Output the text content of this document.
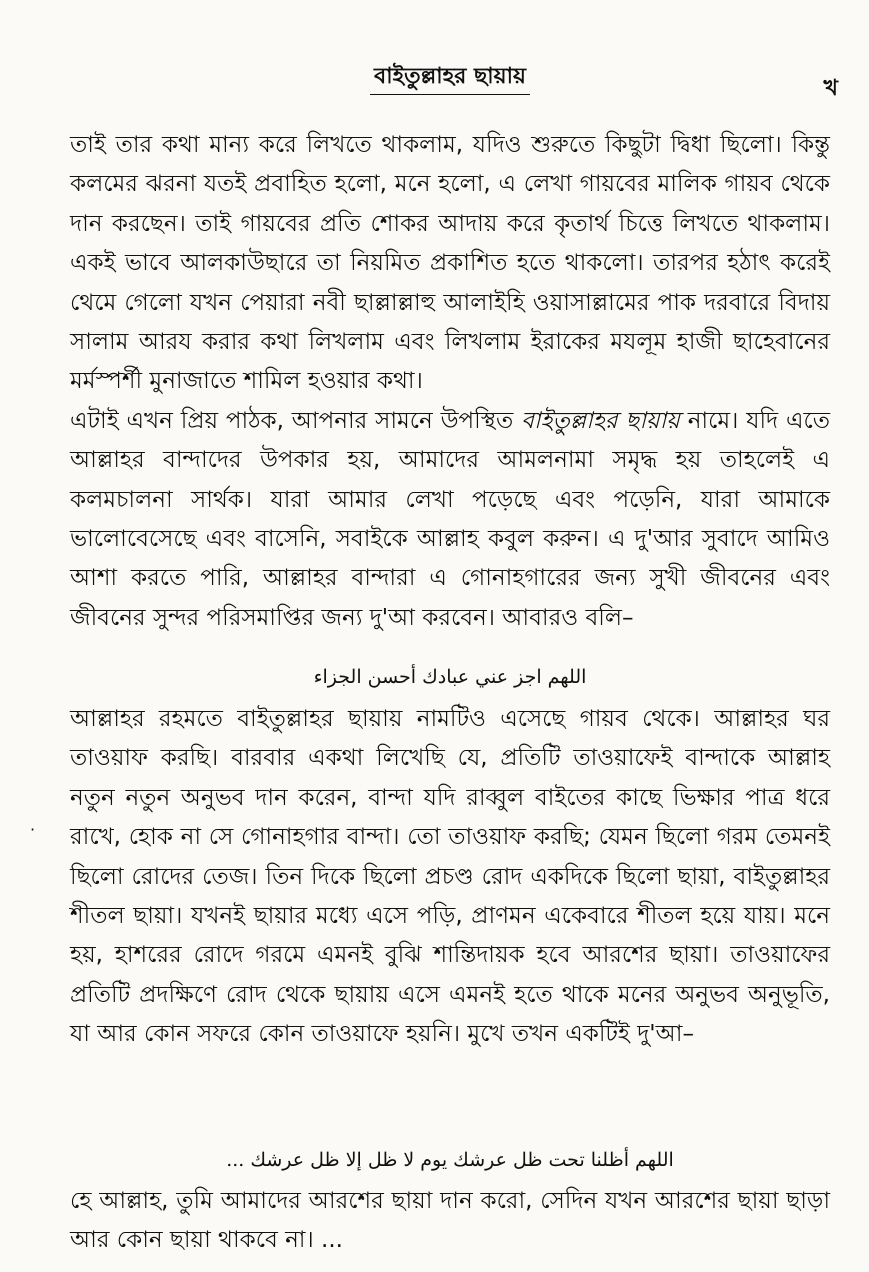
বাইতুল্লাহর ছায়ায়	খ

তাই তার কথা মান্য করে লিখতে থাকলাম, যদিও শুরুতে কিছুটা দ্বিধা ছিলো। কিন্তু কলমের ঝরনা যতই প্রবাহিত হলো, মনে হলো, এ লেখা গায়বের মালিক গায়ব থেকে দান করছেন। তাই গায়বের প্রতি শোকর আদায় করে কৃতার্থ চিত্তে লিখতে থাকলাম। একই ভাবে আলকাউছারে তা নিয়মিত প্রকাশিত হতে থাকলো। তারপর হঠাৎ করেই থেমে গেলো যখন পেয়ারা নবী ছাল্লাল্লাহু আলাইহি ওয়াসাল্লামের পাক দরবারে বিদায় সালাম আরয করার কথা লিখলাম এবং লিখলাম ইরাকের মযলূম হাজী ছাহেবানের মর্মস্পর্শী মুনাজাতে শামিল হওয়ার কথা।

এটাই এখন প্রিয় পাঠক, আপনার সামনে উপস্থিত বাইতুল্লাহর ছায়ায় নামে। যদি এতে আল্লাহর বান্দাদের উপকার হয়, আমাদের আমলনামা সমৃদ্ধ হয় তাহলেই এ কলমচালনা সার্থক। যারা আমার লেখা পড়েছে এবং পড়েনি, যারা আমাকে ভালোবেসেছে এবং বাসেনি, সবাইকে আল্লাহ কবুল করুন। এ দু'আর সুবাদে আমিও আশা করতে পারি, আল্লাহর বান্দারা এ গোনাহগারের জন্য সুখী জীবনের এবং জীবনের সুন্দর পরিসমাপ্তির জন্য দু'আ করবেন। আবারও বলি–

اللهم اجز عني عبادك أحسن الجزاء

আল্লাহর রহমতে বাইতুল্লাহর ছায়ায় নামটিও এসেছে গায়ব থেকে। আল্লাহর ঘর তাওয়াফ করছি। বারবার একথা লিখেছি যে, প্রতিটি তাওয়াফেই বান্দাকে আল্লাহ নতুন নতুন অনুভব দান করেন, বান্দা যদি রাব্বুল বাইতের কাছে ভিক্ষার পাত্র ধরে রাখে, হোক না সে গোনাহগার বান্দা। তো তাওয়াফ করছি; যেমন ছিলো গরম তেমনই ছিলো রোদের তেজ। তিন দিকে ছিলো প্রচণ্ড রোদ একদিকে ছিলো ছায়া, বাইতুল্লাহর শীতল ছায়া। যখনই ছায়ার মধ্যে এসে পড়ি, প্রাণমন একেবারে শীতল হয়ে যায়। মনে হয়, হাশরের রোদে গরমে এমনই বুঝি শান্তিদায়ক হবে আরশের ছায়া। তাওয়াফের প্রতিটি প্রদক্ষিণে রোদ থেকে ছায়ায় এসে এমনই হতে থাকে মনের অনুভব অনুভূতি, যা আর কোন সফরে কোন তাওয়াফে হয়নি। মুখে তখন একটিই দু'আ–

·
اللهم أظلنا تحت ظل عرشك يوم لا ظل إلا ظل عرشك ...

হে আল্লাহ, তুমি আমাদের আরশের ছায়া দান করো, সেদিন যখন আরশের ছায়া ছাড়া আর কোন ছায়া থাকবে না। ...
